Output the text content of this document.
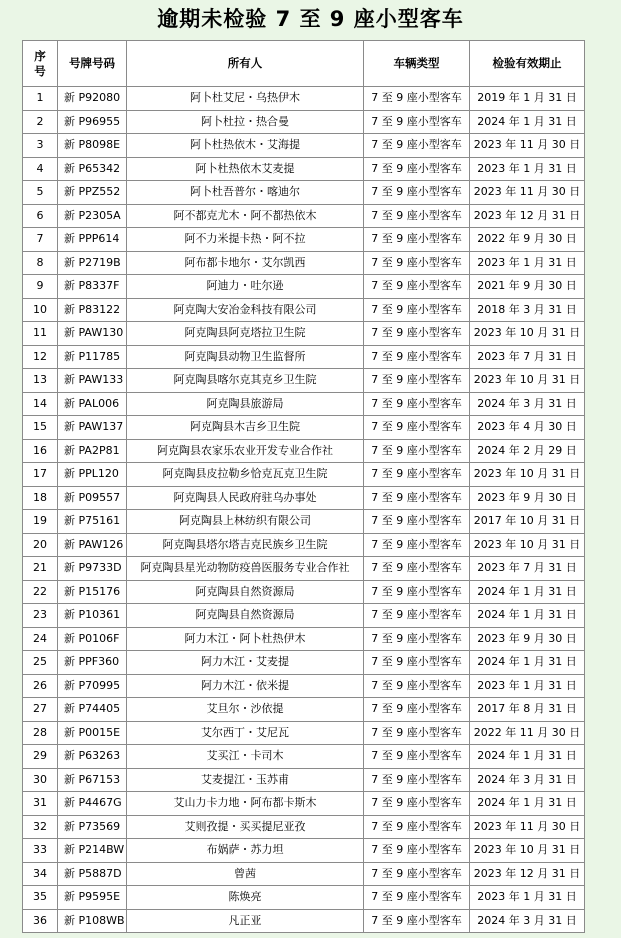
逾期未检验 7 至 9 座小型客车
序
号	号牌号码	所有人	车辆类型	检验有效期止
1	新 P92080	阿卜杜艾尼・乌热伊木	7 至 9 座小型客车	2019 年 1 月 31 日
2	新 P96955	阿卜杜拉・热合曼	7 至 9 座小型客车	2024 年 1 月 31 日
3	新 P8098E	阿卜杜热依木・艾海提	7 至 9 座小型客车	2023 年 11 月 30 日
4	新 P65342	阿卜杜热依木艾麦提	7 至 9 座小型客车	2023 年 1 月 31 日
5	新 PPZ552	阿卜杜吾普尔・喀迪尔	7 至 9 座小型客车	2023 年 11 月 30 日
6	新 P2305A	阿不都克尤木・阿不都热依木	7 至 9 座小型客车	2023 年 12 月 31 日
7	新 PPP614	阿不力米提卡热・阿不拉	7 至 9 座小型客车	2022 年 9 月 30 日
8	新 P2719B	阿布都卡地尔・艾尔凯西	7 至 9 座小型客车	2023 年 1 月 31 日
9	新 P8337F	阿迪力・吐尔逊	7 至 9 座小型客车	2021 年 9 月 30 日
10	新 P83122	阿克陶大安冶金科技有限公司	7 至 9 座小型客车	2018 年 3 月 31 日
11	新 PAW130	阿克陶县阿克塔拉卫生院	7 至 9 座小型客车	2023 年 10 月 31 日
12	新 P11785	阿克陶县动物卫生监督所	7 至 9 座小型客车	2023 年 7 月 31 日
13	新 PAW133	阿克陶县喀尔克其克乡卫生院	7 至 9 座小型客车	2023 年 10 月 31 日
14	新 PAL006	阿克陶县旅游局	7 至 9 座小型客车	2024 年 3 月 31 日
15	新 PAW137	阿克陶县木吉乡卫生院	7 至 9 座小型客车	2023 年 4 月 30 日
16	新 PA2P81	阿克陶县农家乐农业开发专业合作社	7 至 9 座小型客车	2024 年 2 月 29 日
17	新 PPL120	阿克陶县皮拉勒乡恰克瓦克卫生院	7 至 9 座小型客车	2023 年 10 月 31 日
18	新 P09557	阿克陶县人民政府驻乌办事处	7 至 9 座小型客车	2023 年 9 月 30 日
19	新 P75161	阿克陶县上林纺织有限公司	7 至 9 座小型客车	2017 年 10 月 31 日
20	新 PAW126	阿克陶县塔尔塔吉克民族乡卫生院	7 至 9 座小型客车	2023 年 10 月 31 日
21	新 P9733D	阿克陶县星光动物防疫兽医服务专业合作社	7 至 9 座小型客车	2023 年 7 月 31 日
22	新 P15176	阿克陶县自然资源局	7 至 9 座小型客车	2024 年 1 月 31 日
23	新 P10361	阿克陶县自然资源局	7 至 9 座小型客车	2024 年 1 月 31 日
24	新 P0106F	阿力木江・阿卜杜热伊木	7 至 9 座小型客车	2023 年 9 月 30 日
25	新 PPF360	阿力木江・艾麦提	7 至 9 座小型客车	2024 年 1 月 31 日
26	新 P70995	阿力木江・依米提	7 至 9 座小型客车	2023 年 1 月 31 日
27	新 P74405	艾旦尔・沙依提	7 至 9 座小型客车	2017 年 8 月 31 日
28	新 P0015E	艾尔西丁・艾尼瓦	7 至 9 座小型客车	2022 年 11 月 30 日
29	新 P63263	艾买江・卡司木	7 至 9 座小型客车	2024 年 1 月 31 日
30	新 P67153	艾麦提江・玉苏甫	7 至 9 座小型客车	2024 年 3 月 31 日
31	新 P4467G	艾山力卡力地・阿布都卡斯木	7 至 9 座小型客车	2024 年 1 月 31 日
32	新 P73569	艾则孜提・买买提尼亚孜	7 至 9 座小型客车	2023 年 11 月 30 日
33	新 P214BW	布娲萨・苏力坦	7 至 9 座小型客车	2023 年 10 月 31 日
34	新 P5887D	曾茜	7 至 9 座小型客车	2023 年 12 月 31 日
35	新 P9595E	陈焕亮	7 至 9 座小型客车	2023 年 1 月 31 日
36	新 P108WB	凡正亚	7 至 9 座小型客车	2024 年 3 月 31 日
